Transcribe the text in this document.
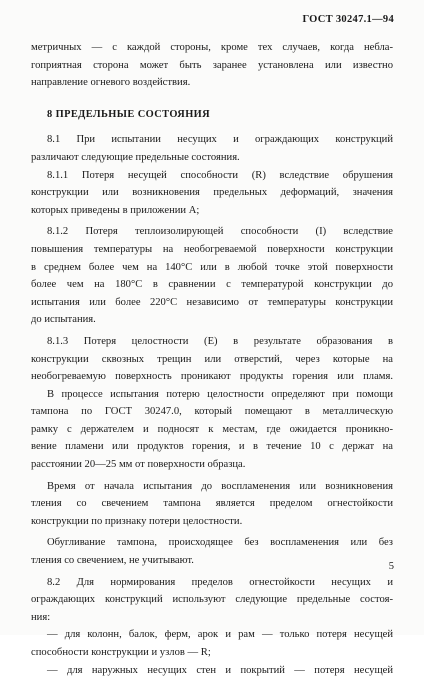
ГОСТ 30247.1—94
метричных — с каждой стороны, кроме тех случаев, когда неблa-
гоприятная сторона может быть заранее установлена или известно
направление огневого воздействия.
8 ПРЕДЕЛЬНЫЕ СОСТОЯНИЯ
8.1 При испытании несущих и ограждающих конструкций
различают следующие предельные состояния.
8.1.1 Потеря несущей способности (R) вследствие обрушения
конструкции или возникновения предельных деформаций, значения
которых приведены в приложении А;
8.1.2 Потеря теплоизолирующей способности (I) вследствие
повышения температуры на необогреваемой поверхности конструкции
в среднем более чем на 140°С или в любой точке этой поверхности
более чем на 180°С в сравнении с температурой конструкции до
испытания или более 220°С независимо от температуры конструкции
до испытания.
8.1.3 Потеря целостности (Е) в результате образования в
конструкции сквозных трещин или отверстий, через которые на
необогреваемую поверхность проникают продукты горения или пламя.
В процессе испытания потерю целостности определяют при помощи
тампона по ГОСТ 30247.0, который помещают в металлическую
рамку с держателем и подносят к местам, где ожидается проникно-
вение пламени или продуктов горения, и в течение 10 с держат на
расстоянии 20—25 мм от поверхности образца.
Время от начала испытания до воспламенения или возникновения
тления со свечением тампона является пределом огнестойкости
конструкции по признаку потери целостности.
Обугливание тампона, происходящее без воспламенения или без
тления со свечением, не учитывают.
8.2 Для нормирования пределов огнестойкости несущих и
ограждающих конструкций используют следующие предельные состоя-
ния:
— для колонн, балок, ферм, арок и рам — только потеря несущей
способности конструкции и узлов — R;
— для наружных несущих стен и покрытий — потеря несущей
5
